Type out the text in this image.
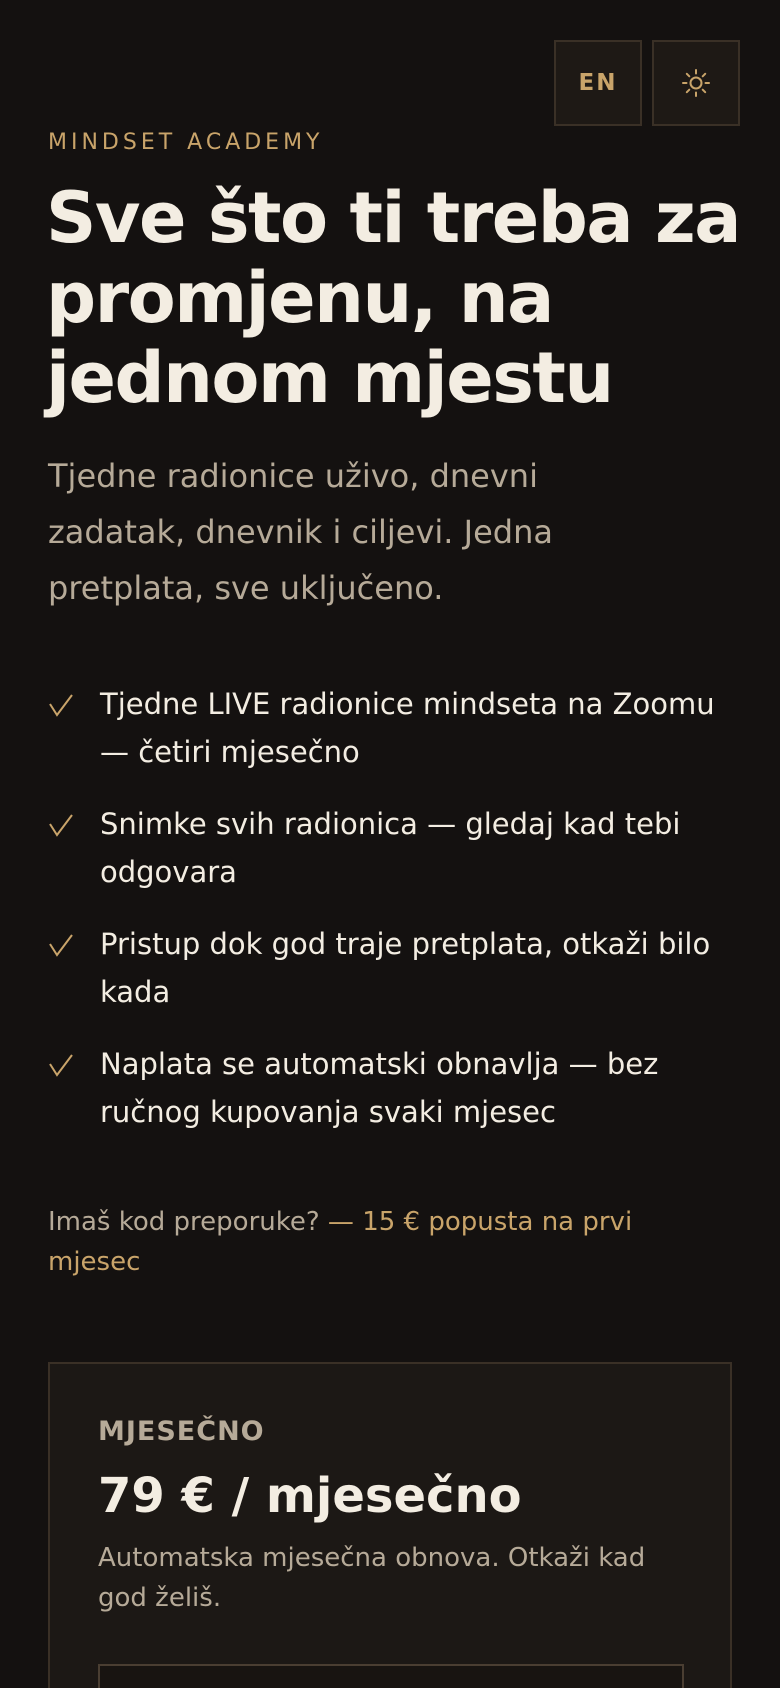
EN
MINDSET ACADEMY
Sve što ti treba za promjenu, na jednom mjestu

Tjedne radionice uživo, dnevni zadatak, dnevnik i ciljevi. Jedna pretplata, sve uključeno.

Tjedne LIVE radionice mindseta na Zoomu — četiri mjesečno
Snimke svih radionica — gledaj kad tebi odgovara
Pristup dok god traje pretplata, otkaži bilo kada
Naplata se automatski obnavlja — bez ručnog kupovanja svaki mjesec

Imaš kod preporuke? — 15 € popusta na prvi mjesec

MJESEČNO
79 € / mjesečno
Automatska mjesečna obnova. Otkaži kad god želiš.
